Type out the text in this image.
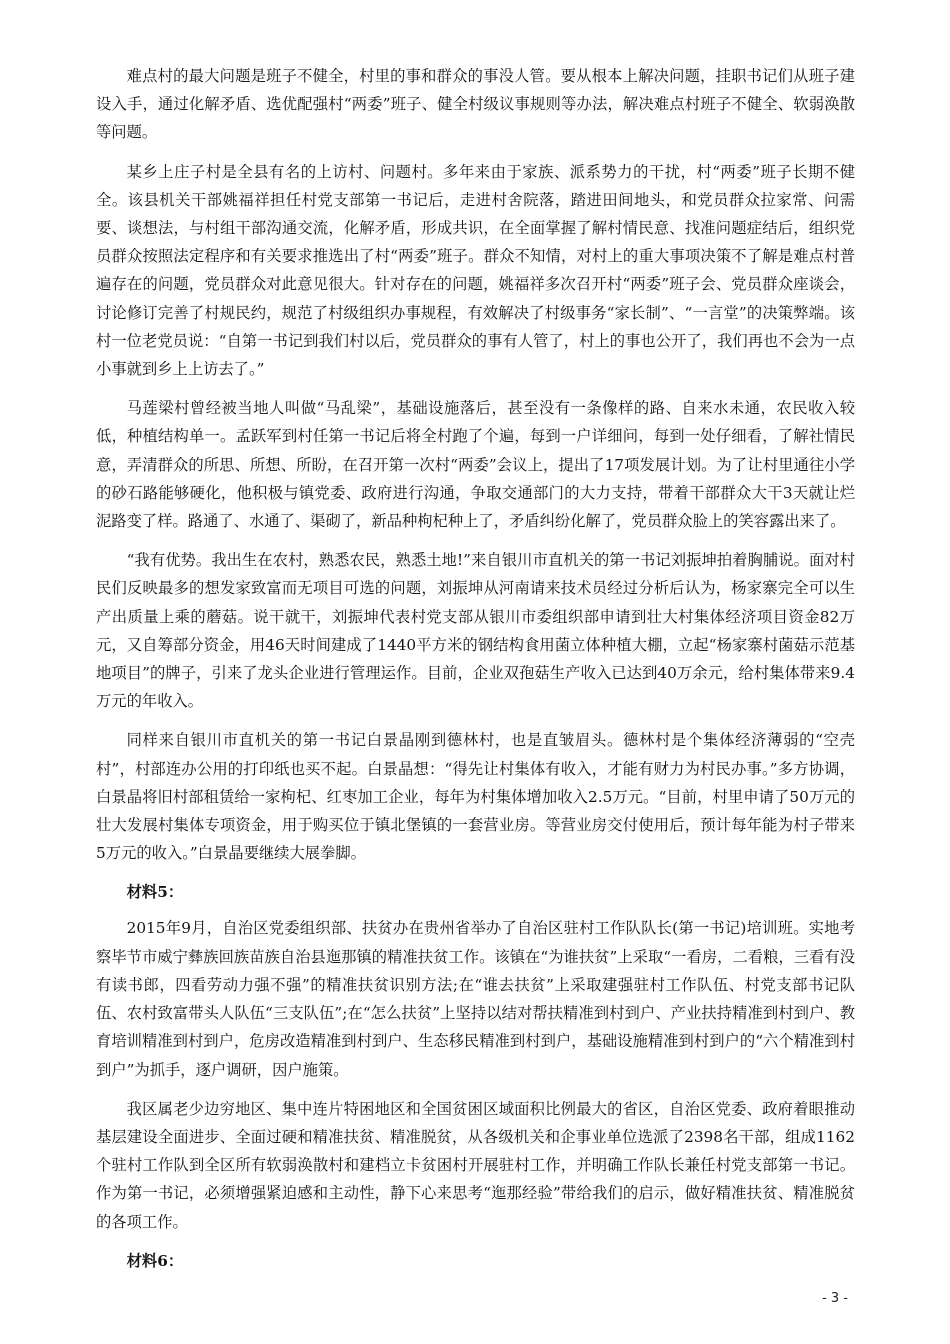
难点村的最大问题是班子不健全，村里的事和群众的事没人管。要从根本上解决问题，挂职书记们从班子建设入手，通过化解矛盾、选优配强村“两委”班子、健全村级议事规则等办法，解决难点村班子不健全、软弱涣散等问题。

某乡上庄子村是全县有名的上访村、问题村。多年来由于家族、派系势力的干扰，村“两委”班子长期不健全。该县机关干部姚福祥担任村党支部第一书记后，走进村舍院落，踏进田间地头，和党员群众拉家常、问需要、谈想法，与村组干部沟通交流，化解矛盾，形成共识，在全面掌握了解村情民意、找准问题症结后，组织党员群众按照法定程序和有关要求推选出了村“两委”班子。群众不知情，对村上的重大事项决策不了解是难点村普遍存在的问题，党员群众对此意见很大。针对存在的问题，姚福祥多次召开村“两委”班子会、党员群众座谈会，讨论修订完善了村规民约，规范了村级组织办事规程，有效解决了村级事务“家长制”、“一言堂”的决策弊端。该村一位老党员说：“自第一书记到我们村以后，党员群众的事有人管了，村上的事也公开了，我们再也不会为一点小事就到乡上上访去了。”

马莲梁村曾经被当地人叫做“马乱梁”，基础设施落后，甚至没有一条像样的路、自来水未通，农民收入较低，种植结构单一。孟跃军到村任第一书记后将全村跑了个遍，每到一户详细问，每到一处仔细看，了解社情民意，弄清群众的所思、所想、所盼，在召开第一次村“两委”会议上，提出了17项发展计划。为了让村里通往小学的砂石路能够硬化，他积极与镇党委、政府进行沟通，争取交通部门的大力支持，带着干部群众大干3天就让烂泥路变了样。路通了、水通了、渠砌了，新品种枸杞种上了，矛盾纠纷化解了，党员群众脸上的笑容露出来了。

“我有优势。我出生在农村，熟悉农民，熟悉土地!”来自银川市直机关的第一书记刘振坤拍着胸脯说。面对村民们反映最多的想发家致富而无项目可选的问题，刘振坤从河南请来技术员经过分析后认为，杨家寨完全可以生产出质量上乘的蘑菇。说干就干，刘振坤代表村党支部从银川市委组织部申请到壮大村集体经济项目资金82万元，又自筹部分资金，用46天时间建成了1440平方米的钢结构食用菌立体种植大棚，立起“杨家寨村菌菇示范基地项目”的牌子，引来了龙头企业进行管理运作。目前，企业双孢菇生产收入已达到40万余元，给村集体带来9.4万元的年收入。

同样来自银川市直机关的第一书记白景晶刚到德林村，也是直皱眉头。德林村是个集体经济薄弱的“空壳村”，村部连办公用的打印纸也买不起。白景晶想：“得先让村集体有收入，才能有财力为村民办事。”多方协调，白景晶将旧村部租赁给一家枸杞、红枣加工企业，每年为村集体增加收入2.5万元。“目前，村里申请了50万元的壮大发展村集体专项资金，用于购买位于镇北堡镇的一套营业房。等营业房交付使用后，预计每年能为村子带来5万元的收入。”白景晶要继续大展拳脚。

材料5：

2015年9月，自治区党委组织部、扶贫办在贵州省举办了自治区驻村工作队队长(第一书记)培训班。实地考察毕节市威宁彝族回族苗族自治县迤那镇的精准扶贫工作。该镇在“为谁扶贫”上采取“一看房，二看粮，三看有没有读书郎，四看劳动力强不强”的精准扶贫识别方法;在“谁去扶贫”上采取建强驻村工作队伍、村党支部书记队伍、农村致富带头人队伍“三支队伍”;在“怎么扶贫”上坚持以结对帮扶精准到村到户、产业扶持精准到村到户、教育培训精准到村到户，危房改造精准到村到户、生态移民精准到村到户，基础设施精准到村到户的“六个精准到村到户”为抓手，逐户调研，因户施策。

我区属老少边穷地区、集中连片特困地区和全国贫困区域面积比例最大的省区，自治区党委、政府着眼推动基层建设全面进步、全面过硬和精准扶贫、精准脱贫，从各级机关和企事业单位选派了2398名干部，组成1162个驻村工作队到全区所有软弱涣散村和建档立卡贫困村开展驻村工作，并明确工作队长兼任村党支部第一书记。作为第一书记，必须增强紧迫感和主动性，静下心来思考“迤那经验”带给我们的启示，做好精准扶贫、精准脱贫的各项工作。

材料6：

- 3 -
